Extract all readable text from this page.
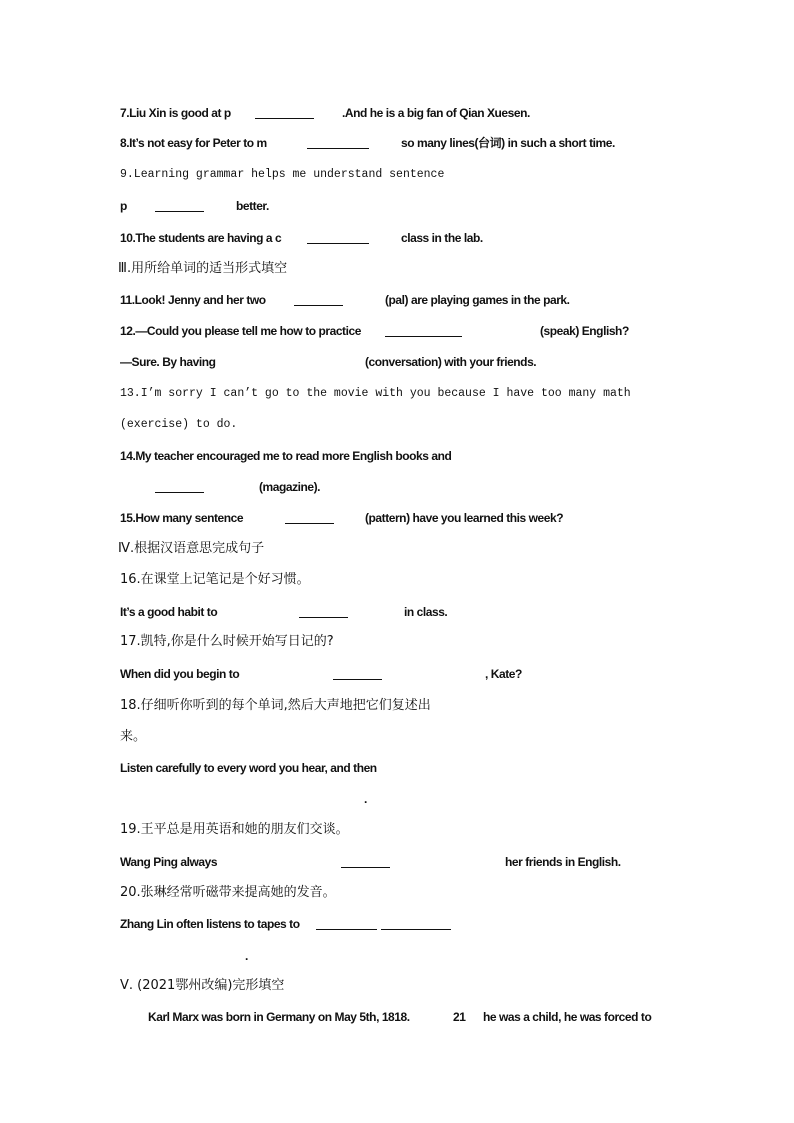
7.Liu Xin is good at p	.And he is a big fan of Qian Xuesen.
8.It’s not easy for Peter to m	so many lines(台词) in such a short time.
9.Learning grammar helps me understand sentence
p	better.
10.The students are having a c	class in the lab.
Ⅲ.用所给单词的适当形式填空
11.Look! Jenny and her two	(pal) are playing games in the park.
12.—Could you please tell me how to practice	(speak) English?
—Sure. By having	(conversation) with your friends.
13.I’m sorry I can’t go to the movie with you because I have too many math
(exercise) to do.
14.My teacher encouraged me to read more English books and
(magazine).
15.How many sentence	(pattern) have you learned this week?
Ⅳ.根据汉语意思完成句子
16.在课堂上记笔记是个好习惯。
It’s a good habit to	in class.
17.凯特,你是什么时候开始写日记的?
When did you begin to	, Kate?
18.仔细听你听到的每个单词,然后大声地把它们复述出
来。
Listen carefully to every word you hear, and then
.
19.王平总是用英语和她的朋友们交谈。
Wang Ping always	her friends in English.
20.张琳经常听磁带来提高她的发音。
Zhang Lin often listens to tapes to
.
Ⅴ. (2021鄂州改编)完形填空
Karl Marx was born in Germany on May 5th, 1818.	21 he was a child, he was forced to
